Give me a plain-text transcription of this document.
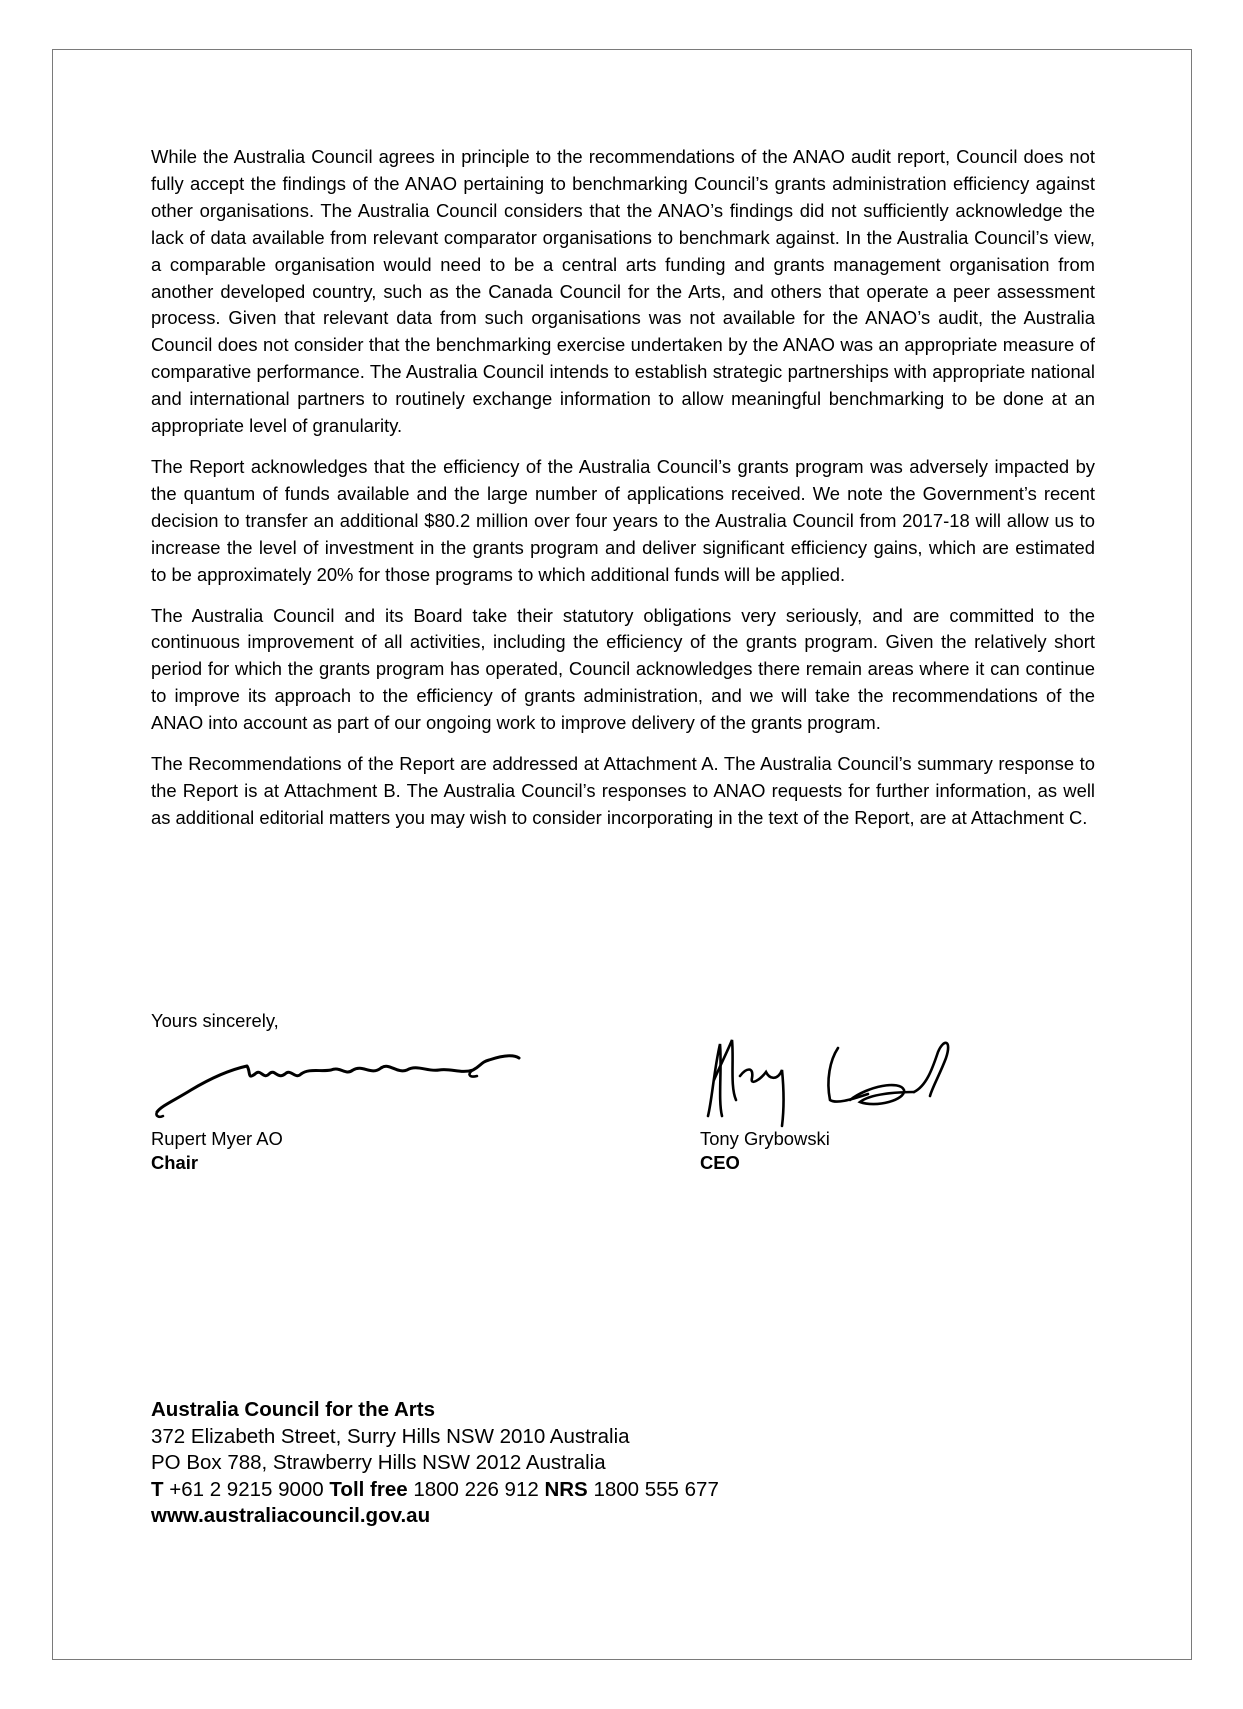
While the Australia Council agrees in principle to the recommendations of the ANAO audit report, Council does not fully accept the findings of the ANAO pertaining to benchmarking Council’s grants administration efficiency against other organisations. The Australia Council considers that the ANAO’s findings did not sufficiently acknowledge the lack of data available from relevant comparator organisations to benchmark against. In the Australia Council’s view, a comparable organisation would need to be a central arts funding and grants management organisation from another developed country, such as the Canada Council for the Arts, and others that operate a peer assessment process. Given that relevant data from such organisations was not available for the ANAO’s audit, the Australia Council does not consider that the benchmarking exercise undertaken by the ANAO was an appropriate measure of comparative performance. The Australia Council intends to establish strategic partnerships with appropriate national and international partners to routinely exchange information to allow meaningful benchmarking to be done at an appropriate level of granularity.

The Report acknowledges that the efficiency of the Australia Council’s grants program was adversely impacted by the quantum of funds available and the large number of applications received. We note the Government’s recent decision to transfer an additional $80.2 million over four years to the Australia Council from 2017-18 will allow us to increase the level of investment in the grants program and deliver significant efficiency gains, which are estimated to be approximately 20% for those programs to which additional funds will be applied.

The Australia Council and its Board take their statutory obligations very seriously, and are committed to the continuous improvement of all activities, including the efficiency of the grants program. Given the relatively short period for which the grants program has operated, Council acknowledges there remain areas where it can continue to improve its approach to the efficiency of grants administration, and we will take the recommendations of the ANAO into account as part of our ongoing work to improve delivery of the grants program.

The Recommendations of the Report are addressed at Attachment A. The Australia Council’s summary response to the Report is at Attachment B. The Australia Council’s responses to ANAO requests for further information, as well as additional editorial matters you may wish to consider incorporating in the text of the Report, are at Attachment C.

Yours sincerely,
Rupert Myer AO
Chair
Tony Grybowski
CEO
Australia Council for the Arts
372 Elizabeth Street, Surry Hills NSW 2010 Australia
PO Box 788, Strawberry Hills NSW 2012 Australia
T +61 2 9215 9000 Toll free 1800 226 912 NRS 1800 555 677
www.australiacouncil.gov.au
